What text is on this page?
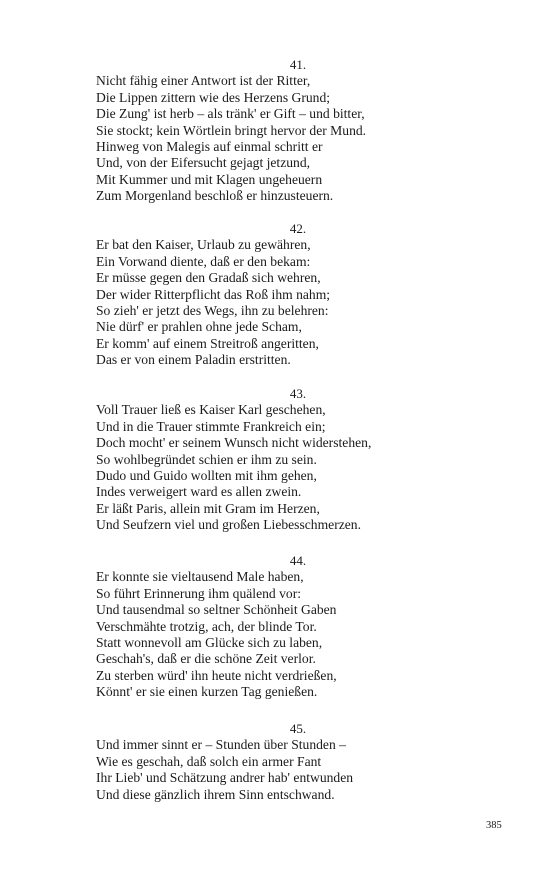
41.
Nicht fähig einer Antwort ist der Ritter,
Die Lippen zittern wie des Herzens Grund;
Die Zung' ist herb – als tränk' er Gift – und bitter,
Sie stockt; kein Wörtlein bringt hervor der Mund.
Hinweg von Malegis auf einmal schritt er
Und, von der Eifersucht gejagt jetzund,
Mit Kummer und mit Klagen ungeheuern
Zum Morgenland beschloß er hinzusteuern.
42.
Er bat den Kaiser, Urlaub zu gewähren,
Ein Vorwand diente, daß er den bekam:
Er müsse gegen den Gradaß sich wehren,
Der wider Ritterpflicht das Roß ihm nahm;
So zieh' er jetzt des Wegs, ihn zu belehren:
Nie dürf' er prahlen ohne jede Scham,
Er komm' auf einem Streitroß angeritten,
Das er von einem Paladin erstritten.
43.
Voll Trauer ließ es Kaiser Karl geschehen,
Und in die Trauer stimmte Frankreich ein;
Doch mocht' er seinem Wunsch nicht widerstehen,
So wohlbegründet schien er ihm zu sein.
Dudo und Guido wollten mit ihm gehen,
Indes verweigert ward es allen zwein.
Er läßt Paris, allein mit Gram im Herzen,
Und Seufzern viel und großen Liebesschmerzen.
44.
Er konnte sie vieltausend Male haben,
So führt Erinnerung ihm quälend vor:
Und tausendmal so seltner Schönheit Gaben
Verschmähte trotzig, ach, der blinde Tor.
Statt wonnevoll am Glücke sich zu laben,
Geschah's, daß er die schöne Zeit verlor.
Zu sterben würd' ihn heute nicht verdrießen,
Könnt' er sie einen kurzen Tag genießen.
45.
Und immer sinnt er – Stunden über Stunden –
Wie es geschah, daß solch ein armer Fant
Ihr Lieb' und Schätzung andrer hab' entwunden
Und diese gänzlich ihrem Sinn entschwand.
385
